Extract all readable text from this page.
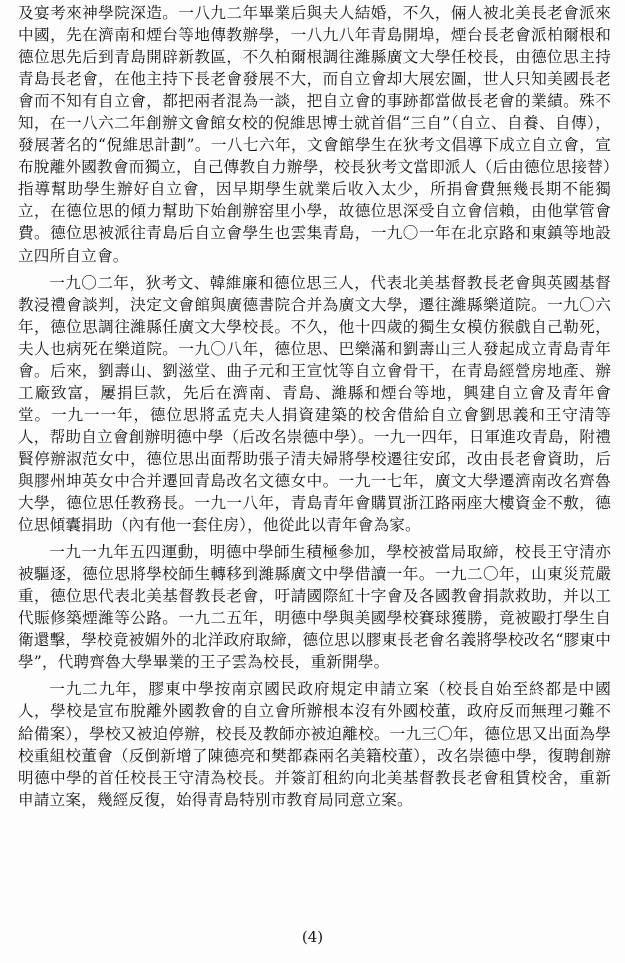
及宴考來神學院深造。一八九二年畢業后與夫人結婚，不久，倆人被北美長老會派來中國，先在濟南和煙台等地傳教辦學，一八九八年青島開埠，煙台長老會派柏爾根和德位思先后到青島開辟新教區，不久柏爾根調往濰縣廣文大學任校長，由德位思主持青島長老會，在他主持下長老會發展不大，而自立會却大展宏圖，世人只知美國長老會而不知有自立會，都把兩者混為一談，把自立會的事跡都當做長老會的業績。殊不知，在一八六二年創辦文會館女校的倪維思博士就首倡“三自”（自立、自養、自傳），發展著名的“倪維思計劃”。一八七六年，文會館學生在狄考文倡導下成立自立會，宣布脫離外國教會而獨立，自己傳教自力辦學，校長狄考文當即派人（后由德位思接替）指導幫助學生辦好自立會，因早期學生就業后收入太少，所捐會費無幾長期不能獨立，在德位思的傾力幫助下始創辦窑里小學，故德位思深受自立會信賴，由他掌管會費。德位思被派往青島后自立會學生也雲集青島，一九〇一年在北京路和東鎮等地設立四所自立會。

一九〇二年，狄考文、韓維廉和德位思三人，代表北美基督教長老會與英國基督教浸禮會談判，決定文會館與廣德書院合并為廣文大學，遷往濰縣樂道院。一九〇六年，德位思調往濰縣任廣文大學校長。不久，他十四歲的獨生女模仿猴戲自己勒死，夫人也病死在樂道院。一九〇八年，德位思、巴樂滿和劉壽山三人發起成立青島青年會。后來，劉壽山、劉滋堂、曲子元和王宣忱等自立會骨干，在青島經營房地產、辦工廠致富，屢捐巨款，先后在濟南、青島、濰縣和煙台等地，興建自立會及青年會堂。一九一一年，德位思將孟克夫人捐資建築的校舍借給自立會劉思義和王守清等人，帮助自立會創辦明德中學（后改名崇德中學）。一九一四年，日軍進攻青島，附禮賢停辦淑范女中，德位思出面帮助張子清夫婦將學校遷往安邱，改由長老會資助，后與膠州坤英女中合并遷回青島改名文德女中。一九一七年，廣文大學遷濟南改名齊魯大學，德位思任教務長。一九一八年，青島青年會購買浙江路兩座大樓資金不敷，德位思傾囊捐助（內有他一套住房），他從此以青年會為家。

一九一九年五四運動，明德中學師生積極參加，學校被當局取締，校長王守清亦被驅逐，德位思將學校師生轉移到濰縣廣文中學借讀一年。一九二〇年，山東災荒嚴重，德位思代表北美基督教長老會，吁請國際紅十字會及各國教會捐款救助，并以工代賑修築煙濰等公路。一九二五年，明德中學與美國學校賽球獲勝，竟被毆打學生自衛還擊，學校竟被媚外的北洋政府取締，德位思以膠東長老會名義將學校改名“膠東中學”，代聘齊魯大學畢業的王子雲為校長，重新開學。

一九二九年，膠東中學按南京國民政府規定申請立案（校長自始至終都是中國人，學校是宣布脫離外國教會的自立會所辦根本沒有外國校董，政府反而無理刁難不給備案），學校又被迫停辦，校長及教師亦被迫離校。一九三〇年，德位思又出面為學校重組校董會（反倒新增了陳德亮和樊都森兩名美籍校董），改名崇德中學，復聘創辦明德中學的首任校長王守清為校長。并簽訂租約向北美基督教長老會租賃校舍，重新申請立案，幾經反復，始得青島特別市教育局同意立案。

(4)
